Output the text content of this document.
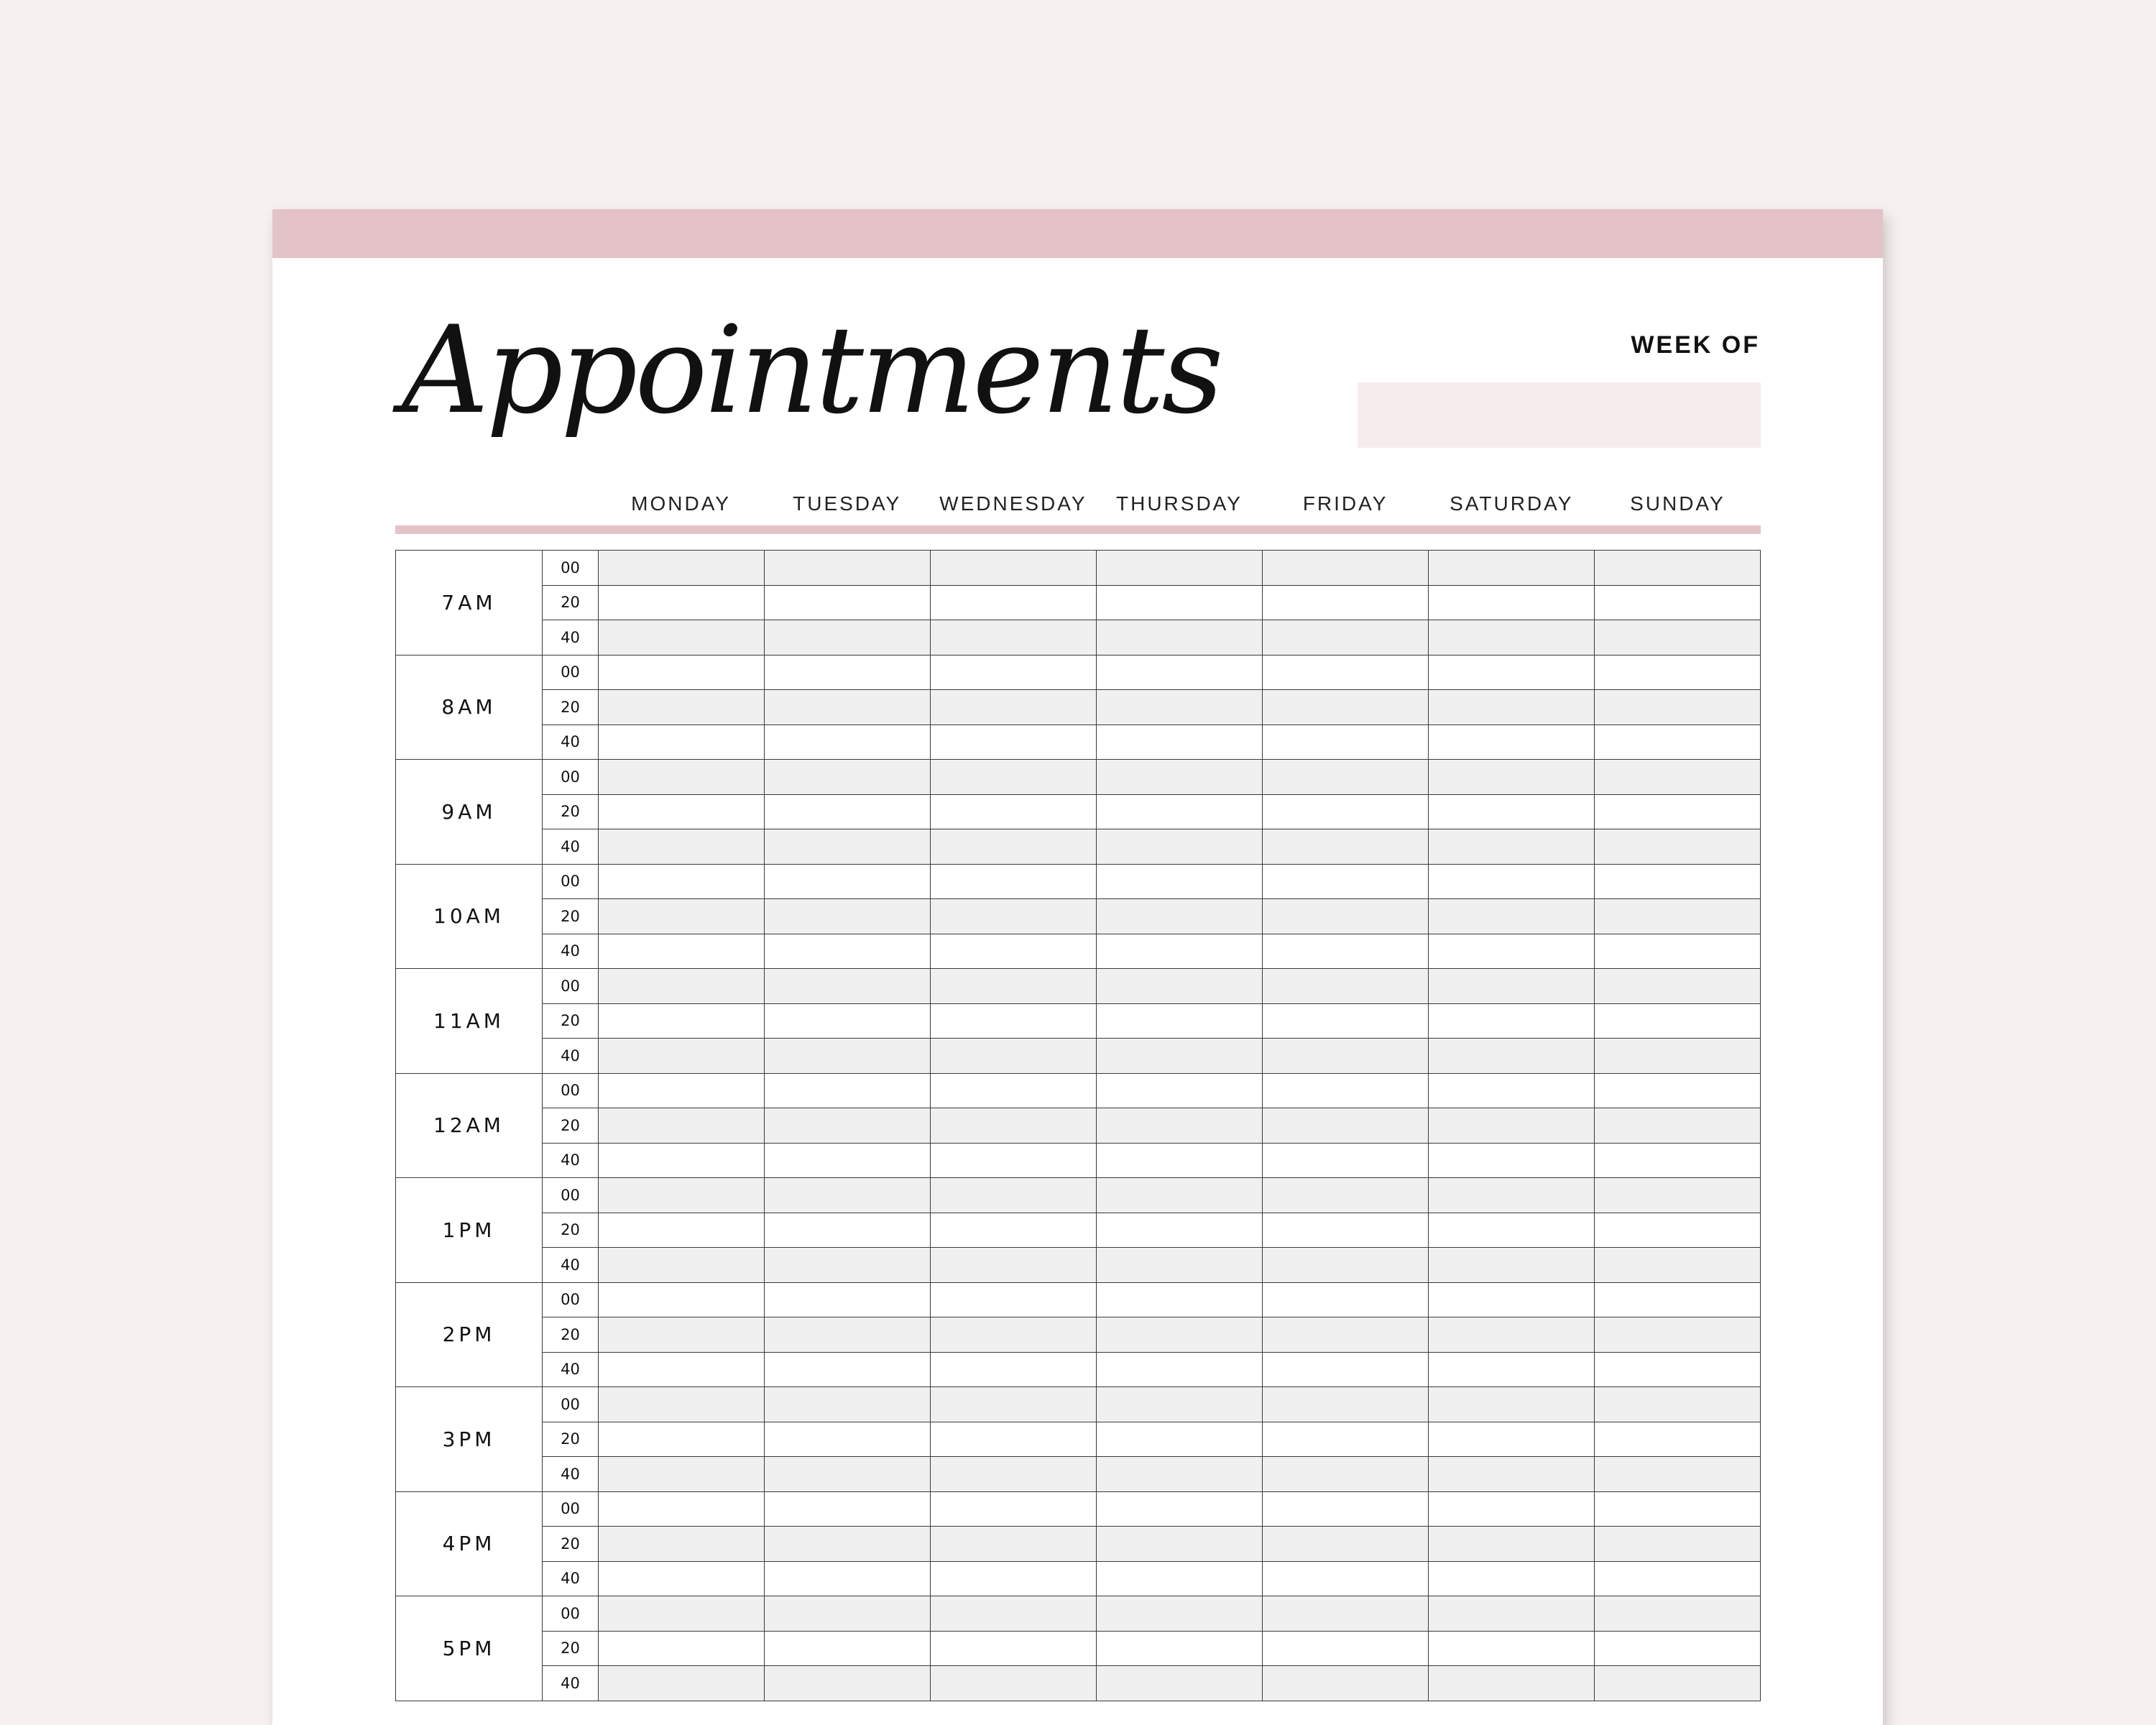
Appointments	WEEK OF
MONDAY	TUESDAY	WEDNESDAY	THURSDAY	FRIDAY	SATURDAY	SUNDAY
7AM	00							
	20							
	40							
8AM	00							
	20							
	40							
9AM	00							
	20							
	40							
10AM	00							
	20							
	40							
11AM	00							
	20							
	40							
12AM	00							
	20							
	40							
1PM	00							
	20							
	40							
2PM	00							
	20							
	40							
3PM	00							
	20							
	40							
4PM	00							
	20							
	40							
5PM	00							
	20							
	40							
